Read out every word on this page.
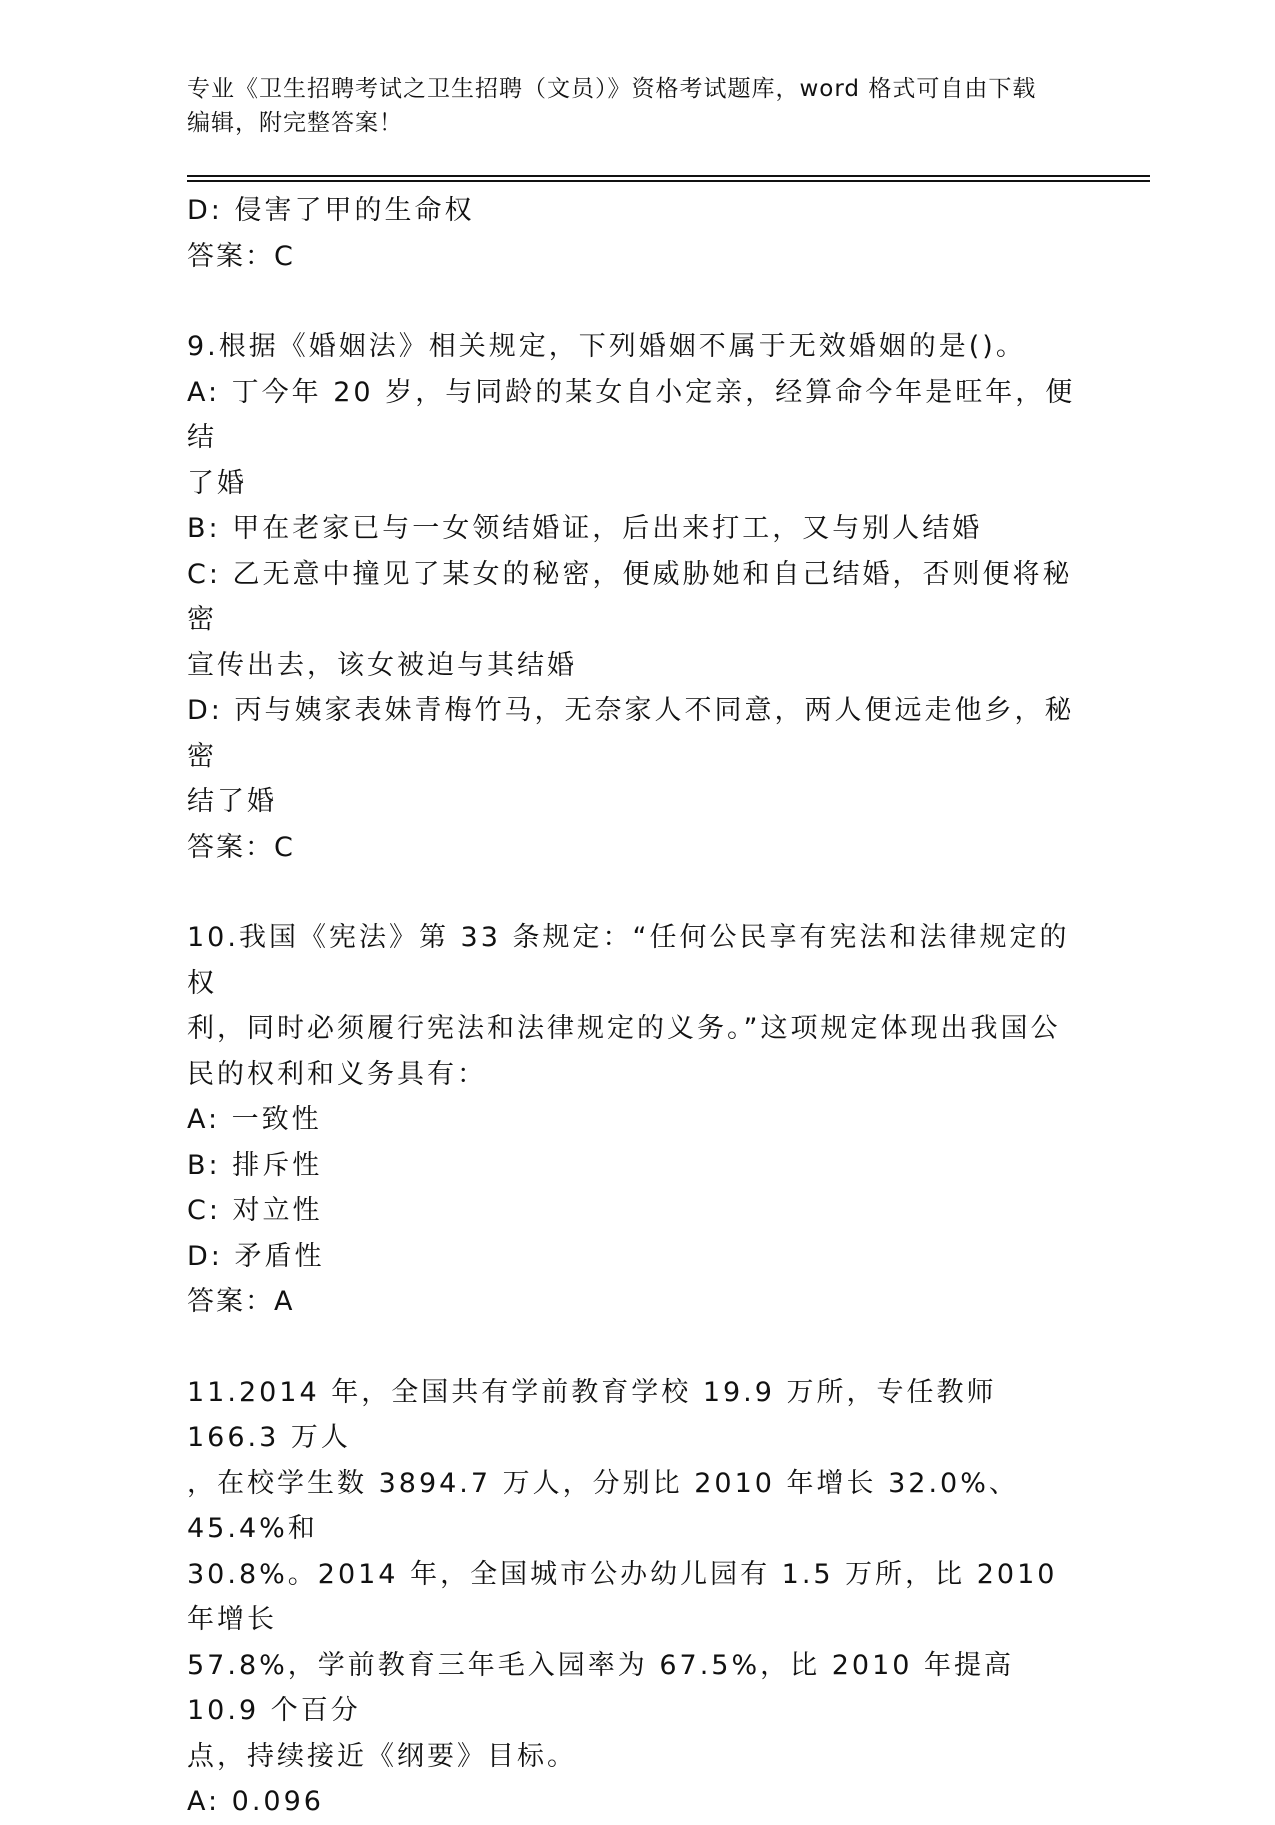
专业《卫生招聘考试之卫生招聘（文员）》资格考试题库，word 格式可自由下载
编辑，附完整答案！
D: 侵害了甲的生命权
答案：C
9.根据《婚姻法》相关规定，下列婚姻不属于无效婚姻的是()。
A: 丁今年 20 岁，与同龄的某女自小定亲，经算命今年是旺年，便结
了婚
B: 甲在老家已与一女领结婚证，后出来打工，又与别人结婚
C: 乙无意中撞见了某女的秘密，便威胁她和自己结婚，否则便将秘密
宣传出去，该女被迫与其结婚
D: 丙与姨家表妹青梅竹马，无奈家人不同意，两人便远走他乡，秘密
结了婚
答案：C
10.我国《宪法》第 33 条规定：“任何公民享有宪法和法律规定的权
利，同时必须履行宪法和法律规定的义务。”这项规定体现出我国公
民的权利和义务具有：
A: 一致性
B: 排斥性
C: 对立性
D: 矛盾性
答案：A
11.2014 年，全国共有学前教育学校 19.9 万所，专任教师 166.3 万人
，在校学生数 3894.7 万人，分别比 2010 年增长 32.0%、45.4%和
30.8%。2014 年，全国城市公办幼儿园有 1.5 万所，比 2010 年增长
57.8%，学前教育三年毛入园率为 67.5%，比 2010 年提高 10.9 个百分
点，持续接近《纲要》目标。
A: 0.096
